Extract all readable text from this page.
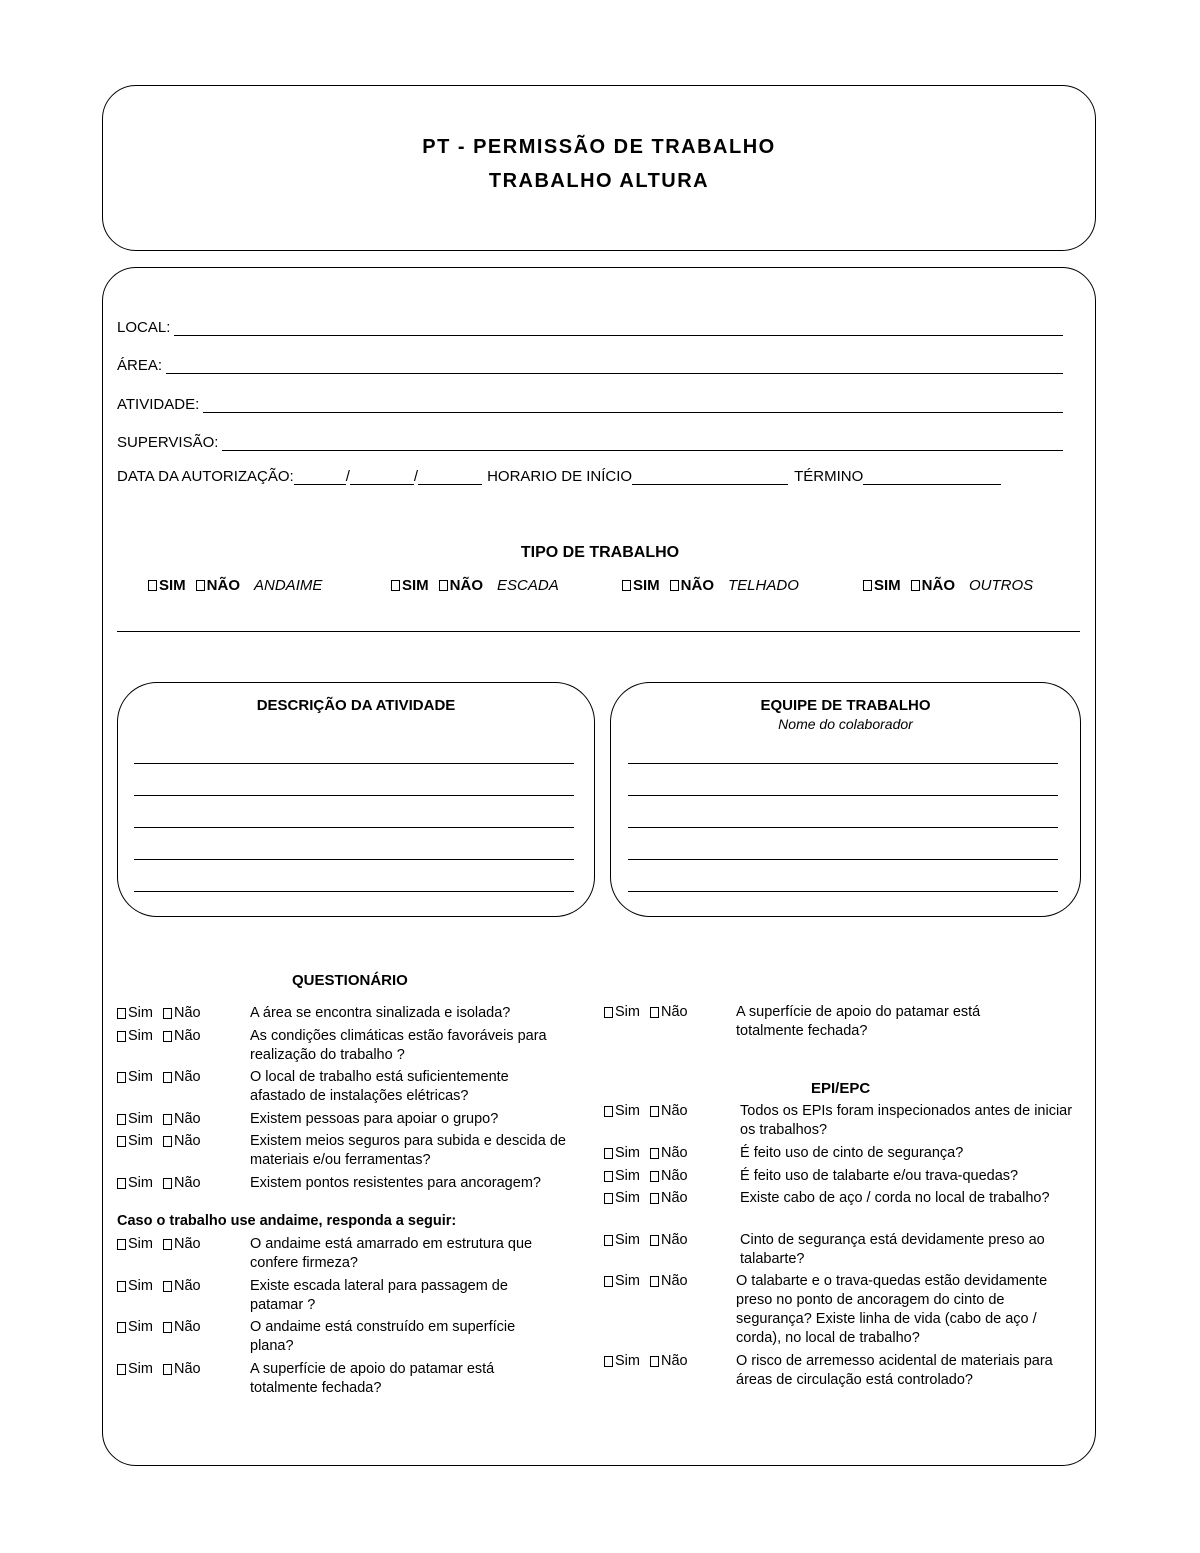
PT - PERMISSÃO DE TRABALHO
TRABALHO ALTURA
LOCAL:
ÁREA:
ATIVIDADE:
SUPERVISÃO:
DATA DA AUTORIZAÇÃO:	/	/	HORARIO DE INÍCIO	TÉRMINO
TIPO DE TRABALHO
SIM NÃO ANDAIME	SIM NÃO ESCADA	SIM NÃO TELHADO	SIM NÃO OUTROS
DESCRIÇÃO DA ATIVIDADE	EQUIPE DE TRABALHO
Nome do colaborador
QUESTIONÁRIO
Sim Não	A área se encontra sinalizada e isolada?
Sim Não	As condições climáticas estão favoráveis para realização do trabalho ?
Sim Não	O local de trabalho está suficientemente afastado de instalações elétricas?
Sim Não	Existem pessoas para apoiar o grupo?
Sim Não	Existem meios seguros para subida e descida de materiais e/ou ferramentas?
Sim Não	Existem pontos resistentes para ancoragem?
Caso o trabalho use andaime, responda a seguir:
Sim Não	O andaime está amarrado em estrutura que confere firmeza?
Sim Não	Existe escada lateral para passagem de patamar ?
Sim Não	O andaime está construído em superfície plana?
Sim Não	A superfície de apoio do patamar está totalmente fechada?
Sim Não	A superfície de apoio do patamar está totalmente fechada?
EPI/EPC
Sim Não	Todos os EPIs foram inspecionados antes de iniciar os trabalhos?
Sim Não	É feito uso de cinto de segurança?
Sim Não	É feito uso de talabarte e/ou trava-quedas?
Sim Não	Existe cabo de aço / corda no local de trabalho?
Sim Não	Cinto de segurança está devidamente preso ao talabarte?
Sim Não	O talabarte e o trava-quedas estão devidamente preso no ponto de ancoragem do cinto de segurança? Existe linha de vida (cabo de aço / corda), no local de trabalho?
Sim Não	O risco de arremesso acidental de materiais para áreas de circulação está controlado?
